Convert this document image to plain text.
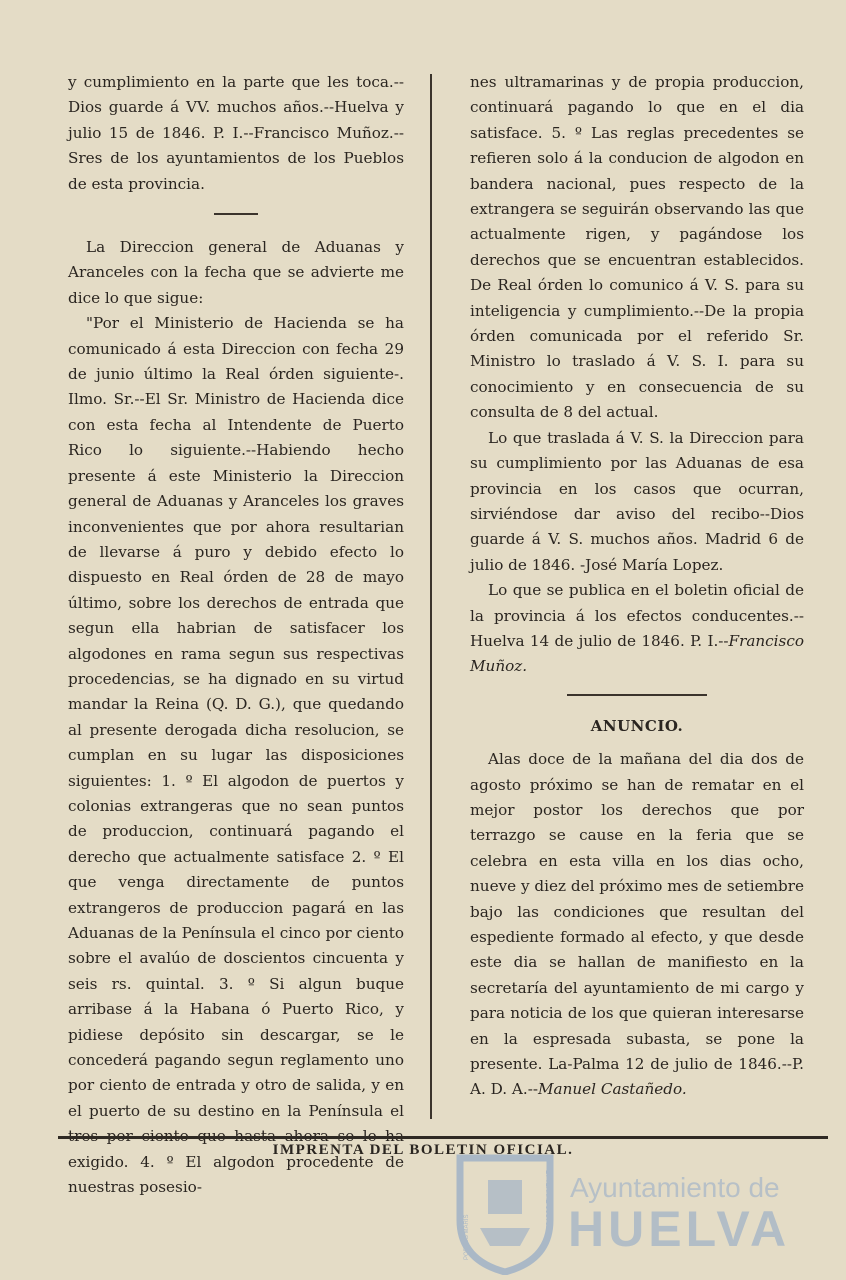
y cumplimiento en la parte que les toca.--Dios guarde á VV. muchos años.--Huelva y julio 15 de 1846. P. I.--Francisco Muñoz.--Sres de los ayuntamientos de los Pueblos de esta provincia.

La Direccion general de Aduanas y Aranceles con la fecha que se advierte me dice lo que sigue:

"Por el Ministerio de Hacienda se ha comunicado á esta Direccion con fecha 29 de junio último la Real órden siguiente-. Ilmo. Sr.--El Sr. Ministro de Hacienda dice con esta fecha al Intendente de Puerto Rico lo siguiente.--Habiendo hecho presente á este Ministerio la Direccion general de Aduanas y Aranceles los graves inconvenientes que por ahora resultarian de llevarse á puro y debido efecto lo dispuesto en Real órden de 28 de mayo último, sobre los derechos de entrada que segun ella habrian de satisfacer los algodones en rama segun sus respectivas procedencias, se ha dignado en su virtud mandar la Reina (Q. D. G.), que quedando al presente derogada dicha resolucion, se cumplan en su lugar las disposiciones siguientes: 1. º El algodon de puertos y colonias extrangeras que no sean puntos de produccion, continuará pagando el derecho que actualmente satisface 2. º El que venga directamente de puntos extrangeros de produccion pagará en las Aduanas de la Península el cinco por ciento sobre el avalúo de doscientos cincuenta y seis rs. quintal. 3. º Si algun buque arribase á la Habana ó Puerto Rico, y pidiese depósito sin descargar, se le concederá pagando segun reglamento uno por ciento de entrada y otro de salida, y en el puerto de su destino en la Península el exigido. 4. º El algodon procedente de nuestras posesio-

nes ultramarinas y de propia produccion, continuará pagando lo que en el dia satisface. 5. º Las reglas precedentes se refieren solo á la conducion de algodon en bandera nacional, pues respecto de la extrangera se seguirán observando las que actualmente rigen, y pagándose los derechos que se encuentran establecidos. De Real órden lo comunico á V. S. para su inteligencia y cumplimiento.--De la propia órden comunicada por el referido Sr. Ministro lo traslado á V. S. I. para su conocimiento y en consecuencia de su consulta de 8 del actual.

Lo que traslada á V. S. la Direccion para su cumplimiento por las Aduanas de esa provincia en los casos que ocurran, sirviéndose dar aviso del recibo--Dios guarde á V. S. muchos años. Madrid 6 de julio de 1846. -José María Lopez.

Lo que se publica en el boletin oficial de la provincia á los efectos conducentes.--Huelva 14 de julio de 1846. P. I.--Francisco Muñoz.

ANUNCIO.

Alas doce de la mañana del dia dos de agosto próximo se han de rematar en el mejor postor los derechos que por terrazgo se cause en la feria que se celebra en esta villa en los dias ocho, nueve y diez del próximo mes de setiembre bajo las condiciones que resultan del espediente formado al efecto, y que desde este dia se hallan de manifiesto en la secretaría del ayuntamiento de mi cargo y para noticia de los que quieran interesarse en la espresada subasta, se pone la presente. La-Palma 12 de julio de 1846.--P. A. D. A.--Manuel Castañedo.

IMPRENTA DEL BOLETIN OFICIAL.
PORTUS MARIS
ET TERRAE CUSTODIA Ayuntamiento de
HUELVA
